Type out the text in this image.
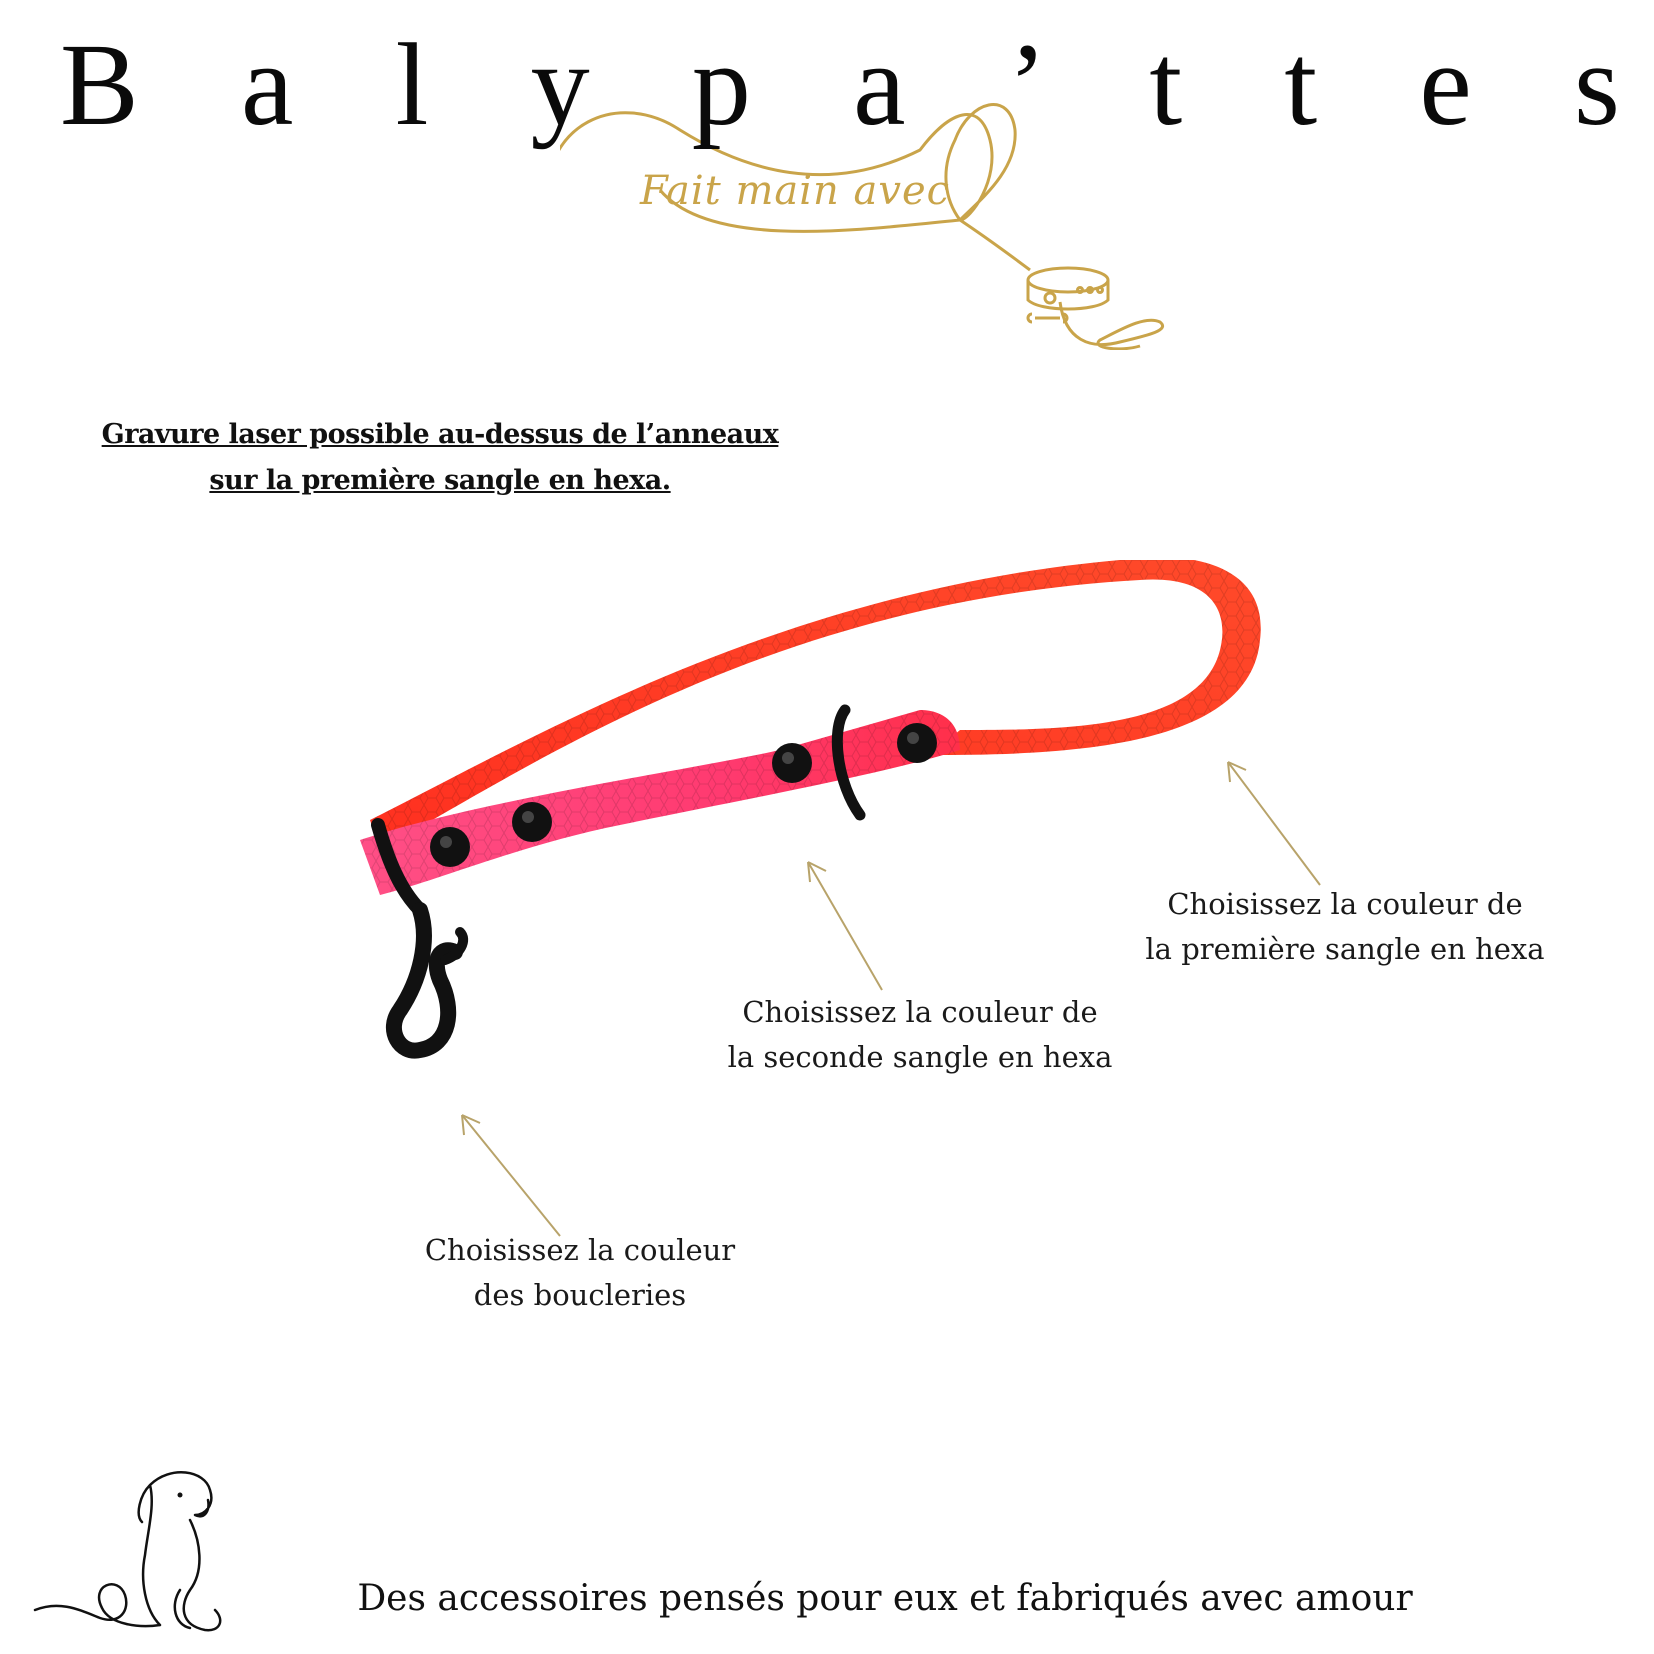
B a l y p a ’ t t e s
Fait main avec
Gravure laser possible au-dessus de l’anneaux
sur la première sangle en hexa.
Choisissez la couleur de
la première sangle en hexa
Choisissez la couleur de
la seconde sangle en hexa
Choisissez la couleur
des boucleries
Des accessoires pensés pour eux et fabriqués avec amour
